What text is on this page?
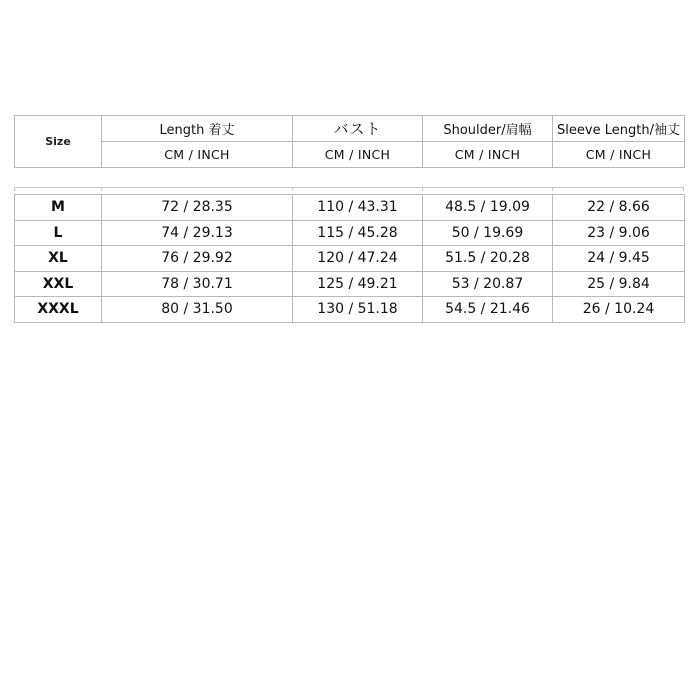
Size	Length 着丈	バスト	Shoulder/肩幅	Sleeve Length/袖丈
	CM / INCH	CM / INCH	CM / INCH	CM / INCH
M	72 / 28.35	110 / 43.31	48.5 / 19.09	22 / 8.66
L	74 / 29.13	115 / 45.28	50 / 19.69	23 / 9.06
XL	76 / 29.92	120 / 47.24	51.5 / 20.28	24 / 9.45
XXL	78 / 30.71	125 / 49.21	53 / 20.87	25 / 9.84
XXXL	80 / 31.50	130 / 51.18	54.5 / 21.46	26 / 10.24
